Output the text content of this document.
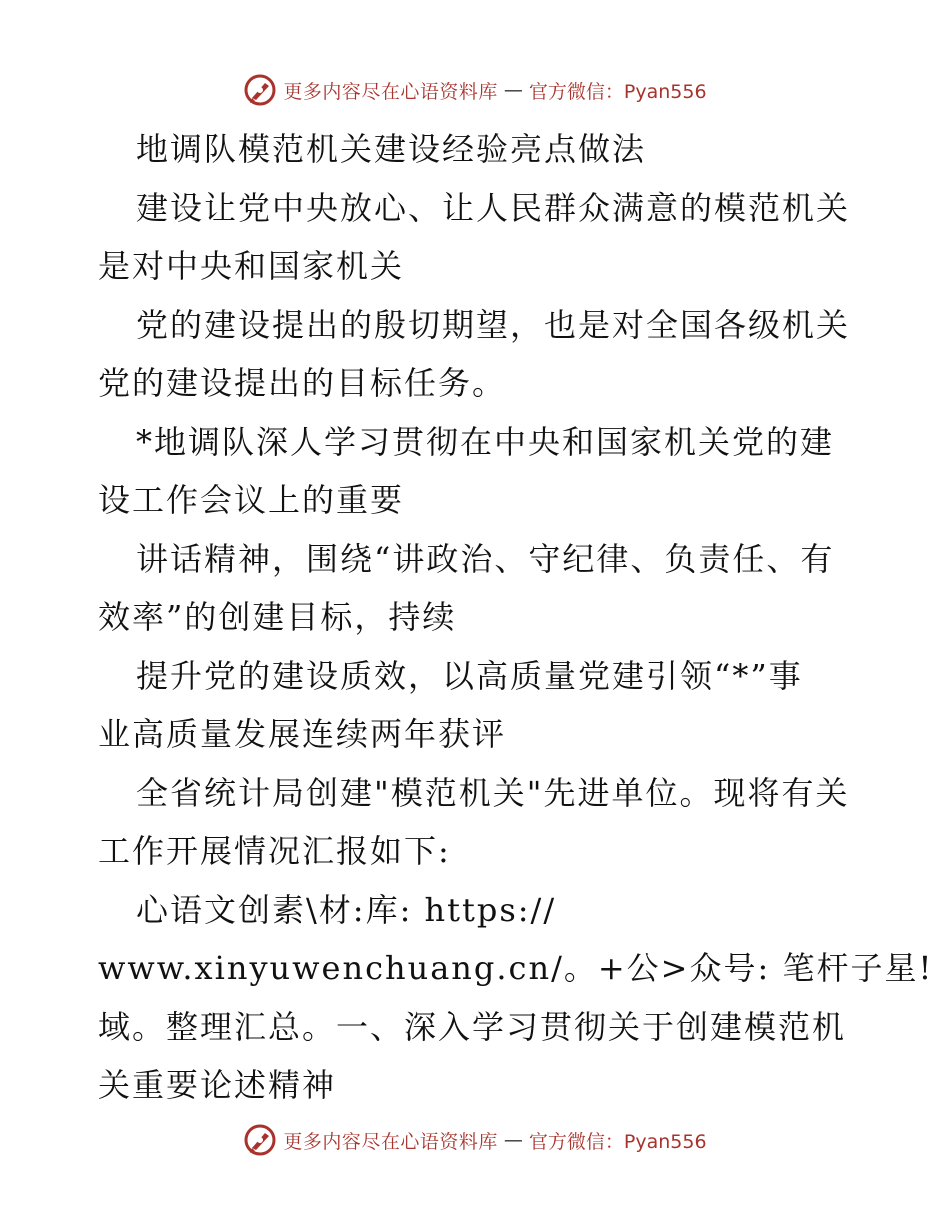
更多内容尽在心语资料库 — 官方微信：Pyan556
地调队模范机关建设经验亮点做法
建设让党中央放心、让人民群众满意的模范机关
是对中央和国家机关
党的建设提出的殷切期望，也是对全国各级机关
党的建设提出的目标任务。
*地调队深人学习贯彻在中央和国家机关党的建
设工作会议上的重要
讲话精神，围绕“讲政治、守纪律、负责任、有
效率”的创建目标，持续
提升党的建设质效，以高质量党建引领“*”事
业高质量发展连续两年获评
全省统计局创建"模范机关"先进单位。现将有关
工作开展情况汇报如下:
心语文创素\材:库: https://
www.xinyuwenchuang.cn/。+公>众号: 笔杆子星!
域。整理汇总。一、深入学习贯彻关于创建模范机
关重要论述精神
更多内容尽在心语资料库 — 官方微信：Pyan556
